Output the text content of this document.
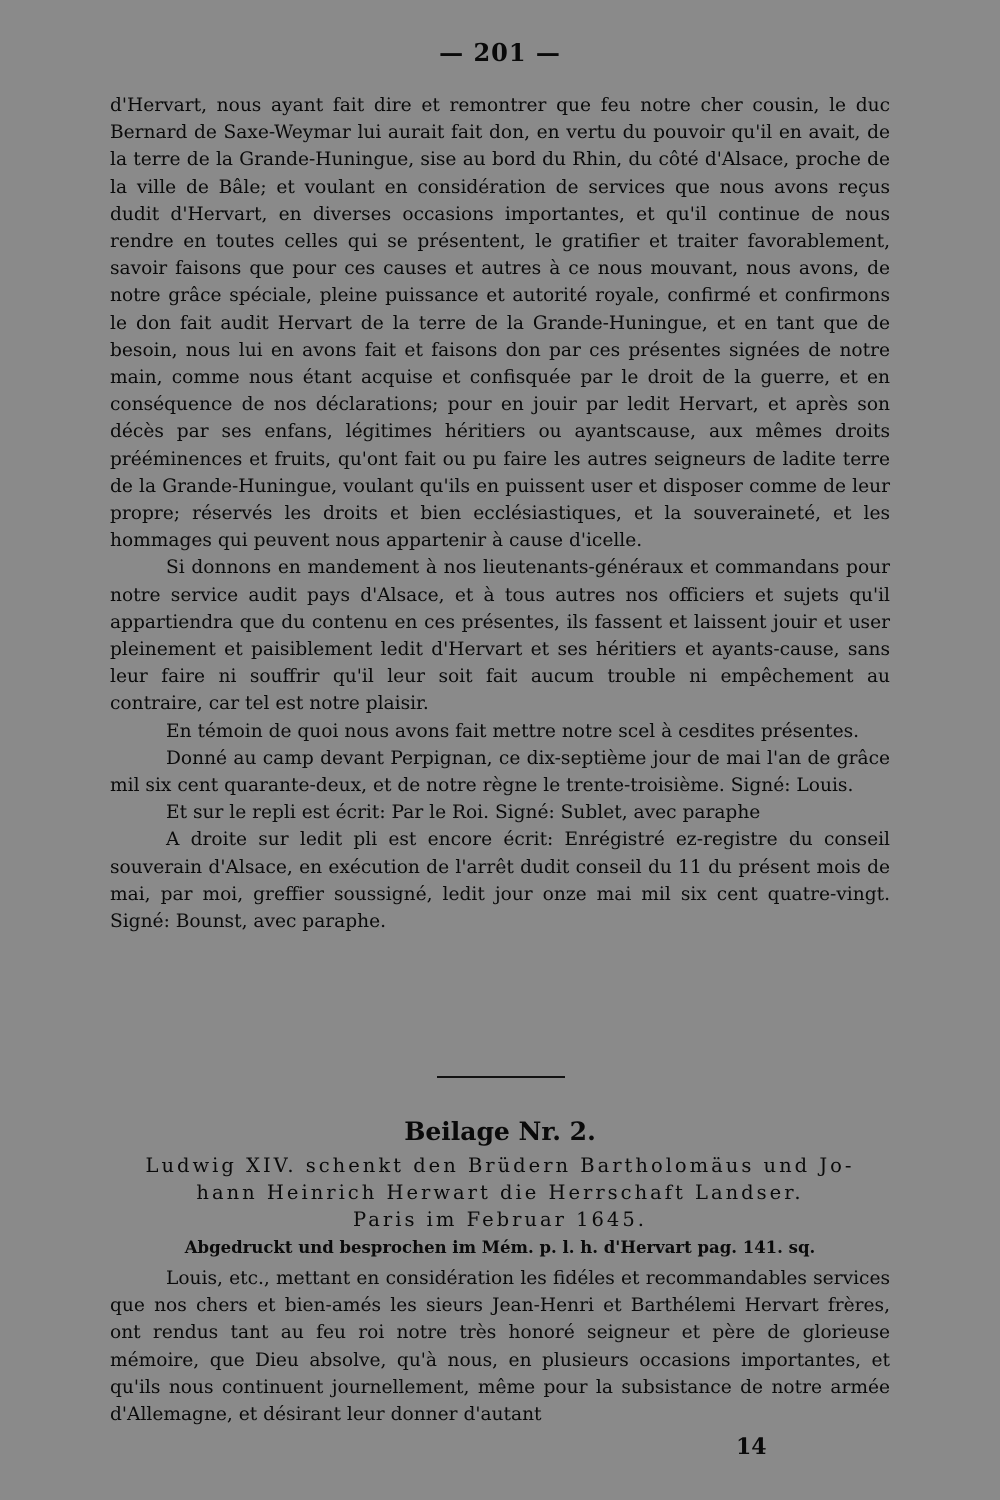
— 201 —

d'Hervart, nous ayant fait dire et remontrer que feu notre cher cousin, le duc Bernard de Saxe-Weymar lui aurait fait don, en vertu du pouvoir qu'il en avait, de la terre de la Grande-Huningue, sise au bord du Rhin, du côté d'Alsace, proche de la ville de Bâle; et voulant en considération de services que nous avons reçus dudit d'Hervart, en diverses occasions importantes, et qu'il continue de nous rendre en toutes celles qui se présentent, le gratifier et traiter favorablement, savoir faisons que pour ces causes et autres à ce nous mouvant, nous avons, de notre grâce spéciale, pleine puissance et autorité royale, confirmé et confirmons le don fait audit Hervart de la terre de la Grande-Huningue, et en tant que de besoin, nous lui en avons fait et faisons don par ces présentes signées de notre main, comme nous étant acquise et confisquée par le droit de la guerre, et en conséquence de nos déclarations; pour en jouir par ledit Hervart, et après son décès par ses enfans, légitimes héritiers ou ayantscause, aux mêmes droits prééminences et fruits, qu'ont fait ou pu faire les autres seigneurs de ladite terre de la Grande-Huningue, voulant qu'ils en puissent user et disposer comme de leur propre; réservés les droits et bien ecclésiastiques, et la souveraineté, et les hommages qui peuvent nous appartenir à cause d'icelle.

Si donnons en mandement à nos lieutenants-généraux et commandans pour notre service audit pays d'Alsace, et à tous autres nos officiers et sujets qu'il appartiendra que du contenu en ces présentes, ils fassent et laissent jouir et user pleinement et paisiblement ledit d'Hervart et ses héritiers et ayants-cause, sans leur faire ni souffrir qu'il leur soit fait aucum trouble ni empêchement au contraire, car tel est notre plaisir.

En témoin de quoi nous avons fait mettre notre scel à cesdites présentes.

Donné au camp devant Perpignan, ce dix-septième jour de mai l'an de grâce mil six cent quarante-deux, et de notre règne le trente-troisième. Signé: Louis.

Et sur le repli est écrit: Par le Roi. Signé: Sublet, avec paraphe

A droite sur ledit pli est encore écrit: Enrégistré ez-registre du conseil souverain d'Alsace, en exécution de l'arrêt dudit conseil du 11 du présent mois de mai, par moi, greffier soussigné, ledit jour onze mai mil six cent quatre-vingt. Signé: Bounst, avec paraphe.

Beilage Nr. 2.
Ludwig XIV. schenkt den Brüdern Bartholomäus und Jo-
hann Heinrich Herwart die Herrschaft Landser.
Paris im Februar 1645.
Abgedruckt und besprochen im Mém. p. l. h. d'Hervart pag. 141. sq.

Louis, etc., mettant en considération les fidéles et recommandables services que nos chers et bien-amés les sieurs Jean-Henri et Barthélemi Hervart frères, ont rendus tant au feu roi notre très honoré seigneur et père de glorieuse mémoire, que Dieu absolve, qu'à nous, en plusieurs occasions importantes, et qu'ils nous continuent journellement, même pour la subsistance de notre armée d'Allemagne, et désirant leur donner d'autant

14
